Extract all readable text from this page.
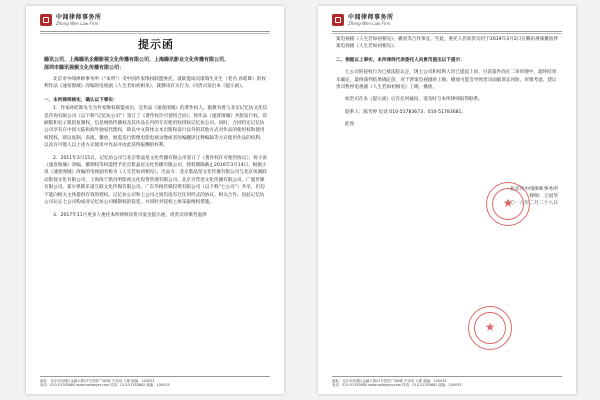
中闻律师事务所
Zhong Wen Law Firm
提示函
腾讯公司、上海腾讯企鹅影视文化传播有限公司、上海腾讯影业文化传播有限公司、
深圳市腾讯视频文化传播有限公司：
北京市中闻律师事务所（“本所”）受中国作家维权联盟委托，就联盟成员康瑞生先生（笔名 孙皓晖）的权利作品《速客围城》改编的电视剧《人生若如初相见》，就腾讯有关行为，向贵司发出本《提示函》。
一、本所律师核实，确认以下事实：
1．作家孙皓晖先生为作家维权联盟成员，是作品《速客围城》的著作权人。据教书香与北京记忆坊文化信息咨询有限公司（以下称“记忆坊公司”）签订了《著作权许可使用合同》，将作品《速客围城》共版发行权、印刷版和电子版的复制权、信息网络传播权及其作品在内的专有使用权授权记忆坊公司。同时，合同约定记忆坊公司享有在中国大陆和海外独家代理权，除以中文简体文本出版和发行以外的其他方式对作品的使用权和使用权授权，即以复制、表演、播放、展览发行影像电影电视录像或者改编翻译注释编辑等方式使用作品的权利，以及许可他人以上述方式使用中作品并由此获得报酬的权利。
2．2011年3月15日，记忆坊公司与北京紫晶星文化传播有限公司签订了《著作权许可使用协议》，将小说《速客围城》改编、摄制权等权能授予北京紫晶星文化传播有限公司，授权期限截止2016年3月14日。根据小说《速客围城》改编的电视剧名称为《人生若如初相见》，出品方：北京紫晶星文化传播有限公司与北京凤凰联动影视文化有限公司、上海海宁新昌明影视文化投资管理有限公司、北京百营壹文化传播有限公司、广厦传媒有限公司、霍尔果斯乐道互联文化传媒有限公司、广东华格传媒投资有限公司（以下称“七公司”）共享，但均不能向相关主体提供有效的授权。记忆坊公司和七公司之间均没有过任何形式的协议、相关合作。因此记忆坊公司认定七公司构成对记忆坊公司摄制权的侵犯，并同时对侵权主体采取维权措施。
3．2017年11月更多人委托本所律师向贵司发送提示函，请贵司审慎考虑涉
地址：北京市西城区金融大街27号投资广场B座 中电话 大厦 邮编：100033
电话：010-51783680 www.zwlawyer.com 传真：010-51783682 邮编：100033
中闻律师事务所
Zhong Wen Law Firm
案电视剧《人生若如初相见》、播放等合作事宜。至此，委托人仍知贵司仍于2019年3月2日在腾讯视频播放涉案电视剧《人生若如初相见》。
二、根据以上事实，本所律师代表委托人向贵司提出以下提示：
七公司的侵权行为已被法院认定，现七公司和权利人均已提起上诉，目前案件尚在二审审理中，最终结果未确定，最终裁判结果确定前，对于涉案电视剧的上映、播放可能会导致贵司面临诉讼风险，审慎考虑，建议贵司暂停电视剧《人生若如初相见》上映、播放。
如贵司在本《提示函》后有任何疑问，请及时与本所律师取得联系。
联系人：陈雪婷 电话 010-51783673；010-51783681。
此致
★
北京市中闻律师事务所
律师：王国华
二〇一八年二月二十八日
★
地址：北京市西城区金融大街27号投资广场B座 中电话 大厦 邮编：100033
电话：010-51783680 www.zwlawyer.com 传真：010-51783682 邮编：100033
